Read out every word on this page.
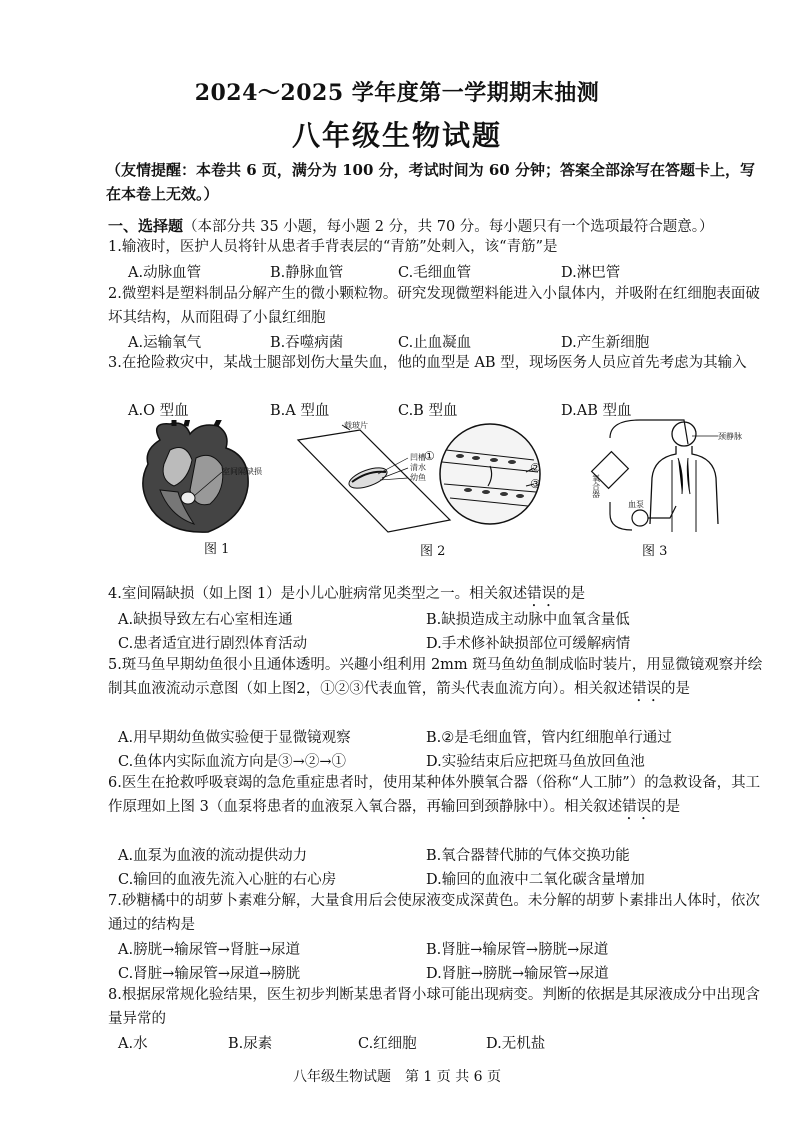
2024～2025 学年度第一学期期末抽测
八年级生物试题
（友情提醒：本卷共 6 页，满分为 100 分，考试时间为 60 分钟；答案全部涂写在答题卡上，写在本卷上无效。）
一、选择题（本部分共 35 小题，每小题 2 分，共 70 分。每小题只有一个选项最符合题意。）
1.输液时，医护人员将针从患者手背表层的“青筋”处刺入，该“青筋”是
A.动脉血管	B.静脉血管	C.毛细血管	D.淋巴管
2.微塑料是塑料制品分解产生的微小颗粒物。研究发现微塑料能进入小鼠体内，并吸附在红细胞表面破坏其结构，从而阻碍了小鼠红细胞
A.运输氧气	B.吞噬病菌	C.止血凝血	D.产生新细胞
3.在抢险救灾中，某战士腿部划伤大量失血，他的血型是 AB 型，现场医务人员应首先考虑为其输入
A.O 型血	B.A 型血	C.B 型血	D.AB 型血
室间隔缺损
图 1
载玻片
凹槽
清水
幼鱼
①
②
③
图 2
颈静脉
氧合器
血泵
图 3
4.室间隔缺损（如上图 1）是小儿心脏病常见类型之一。相关叙述错误的是
A.缺损导致左右心室相连通	B.缺损造成主动脉中血氧含量低
C.患者适宜进行剧烈体育活动	D.手术修补缺损部位可缓解病情
5.斑马鱼早期幼鱼很小且通体透明。兴趣小组利用 2mm 斑马鱼幼鱼制成临时装片，用显微镜观察并绘制其血液流动示意图（如上图2，①②③代表血管，箭头代表血流方向）。相关叙述错误的是
A.用早期幼鱼做实验便于显微镜观察	B.②是毛细血管，管内红细胞单行通过
C.鱼体内实际血流方向是③→②→①	D.实验结束后应把斑马鱼放回鱼池
6.医生在抢救呼吸衰竭的急危重症患者时，使用某种体外膜氧合器（俗称“人工肺”）的急救设备，其工作原理如上图 3（血泵将患者的血液泵入氧合器，再输回到颈静脉中）。相关叙述错误的是
A.血泵为血液的流动提供动力	B.氧合器替代肺的气体交换功能
C.输回的血液先流入心脏的右心房	D.输回的血液中二氧化碳含量增加
7.砂糖橘中的胡萝卜素难分解，大量食用后会使尿液变成深黄色。未分解的胡萝卜素排出人体时，依次通过的结构是
A.膀胱→输尿管→肾脏→尿道	B.肾脏→输尿管→膀胱→尿道
C.肾脏→输尿管→尿道→膀胱	D.肾脏→膀胱→输尿管→尿道
8.根据尿常规化验结果，医生初步判断某患者肾小球可能出现病变。判断的依据是其尿液成分中出现含量异常的
A.水	B.尿素	C.红细胞	D.无机盐
八年级生物试题　第 1 页 共 6 页
